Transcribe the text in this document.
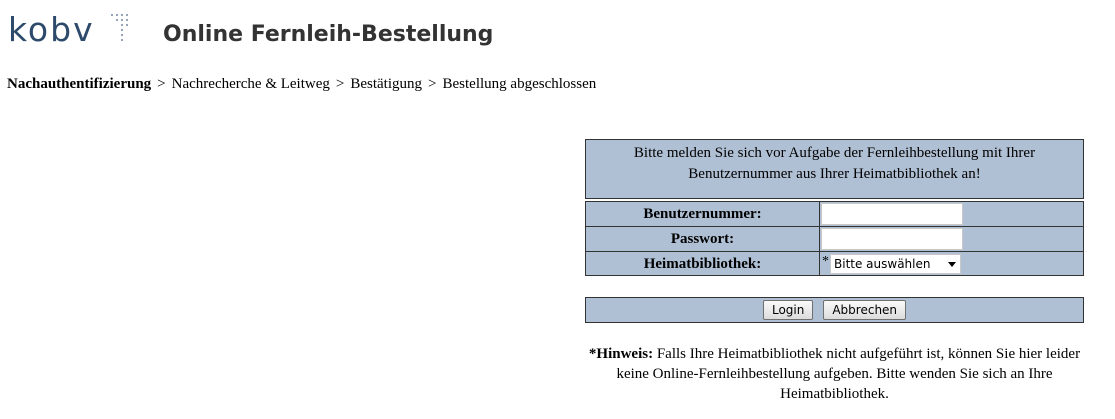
kobv	Online Fernleih-Bestellung
Nachauthentifizierung > Nachrecherche & Leitweg > Bestätigung > Bestellung abgeschlossen
Bitte melden Sie sich vor Aufgabe der Fernleihbestellung mit Ihrer Benutzernummer aus Ihrer Heimatbibliothek an!
Benutzernummer:
Passwort:
Heimatbibliothek:	* Bitte auswählen
Login Abbrechen
*Hinweis: Falls Ihre Heimatbibliothek nicht aufgeführt ist, können Sie hier leider keine Online-Fernleihbestellung aufgeben. Bitte wenden Sie sich an Ihre Heimatbibliothek.
